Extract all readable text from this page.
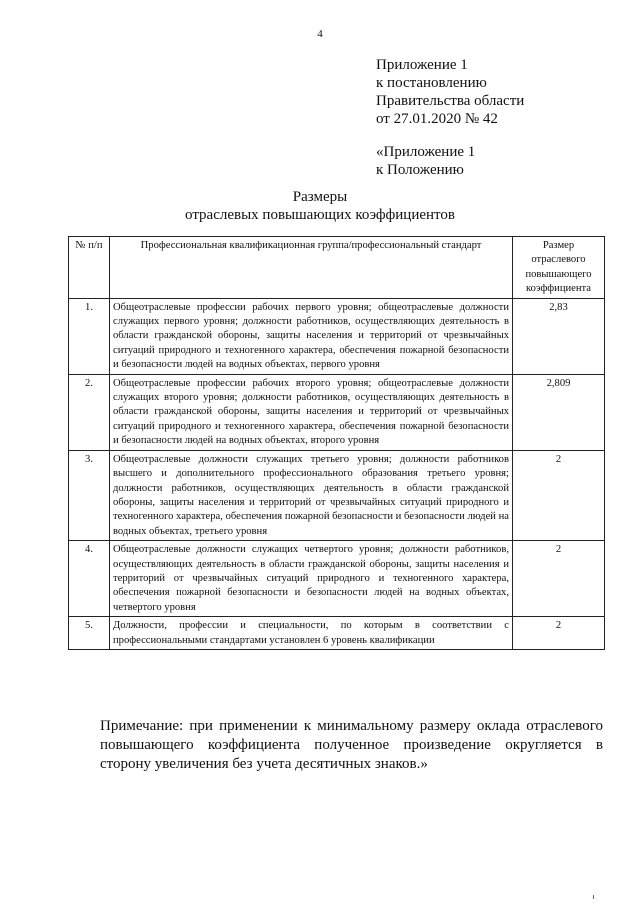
4
Приложение 1
к постановлению
Правительства области
от 27.01.2020 № 42
«Приложение 1
к Положению
Размеры
отраслевых повышающих коэффициентов
№ п/п	Профессиональная квалификационная группа/профессиональный стандарт	Размер отраслевого повышающего коэффициента
1.	Общеотраслевые профессии рабочих первого уровня; общеотраслевые должности служащих первого уровня; должности работников, осуществляющих деятельность в области гражданской обороны, защиты населения и территорий от чрезвычайных ситуаций природного и техногенного характера, обеспечения пожарной безопасности и безопасности людей на водных объектах, первого уровня	2,83
2.	Общеотраслевые профессии рабочих второго уровня; общеотраслевые должности служащих второго уровня; должности работников, осуществляющих деятельность в области гражданской обороны, защиты населения и территорий от чрезвычайных ситуаций природного и техногенного характера, обеспечения пожарной безопасности и безопасности людей на водных объектах, второго уровня	2,809
3.	Общеотраслевые должности служащих третьего уровня; должности работников высшего и дополнительного профессионального образования третьего уровня; должности работников, осуществляющих деятельность в области гражданской обороны, защиты населения и территорий от чрезвычайных ситуаций природного и техногенного характера, обеспечения пожарной безопасности и безопасности людей на водных объектах, третьего уровня	2
4.	Общеотраслевые должности служащих четвертого уровня; должности работников, осуществляющих деятельность в области гражданской обороны, защиты населения и территорий от чрезвычайных ситуаций природного и техногенного характера, обеспечения пожарной безопасности и безопасности людей на водных объектах, четвертого уровня	2
5.	Должности, профессии и специальности, по которым в соответствии с профессиональными стандартами установлен 6 уровень квалификации	2
Примечание: при применении к минимальному размеру оклада отраслевого повышающего коэффициента полученное произведение округляется в сторону увеличения без учета десятичных знаков.»
